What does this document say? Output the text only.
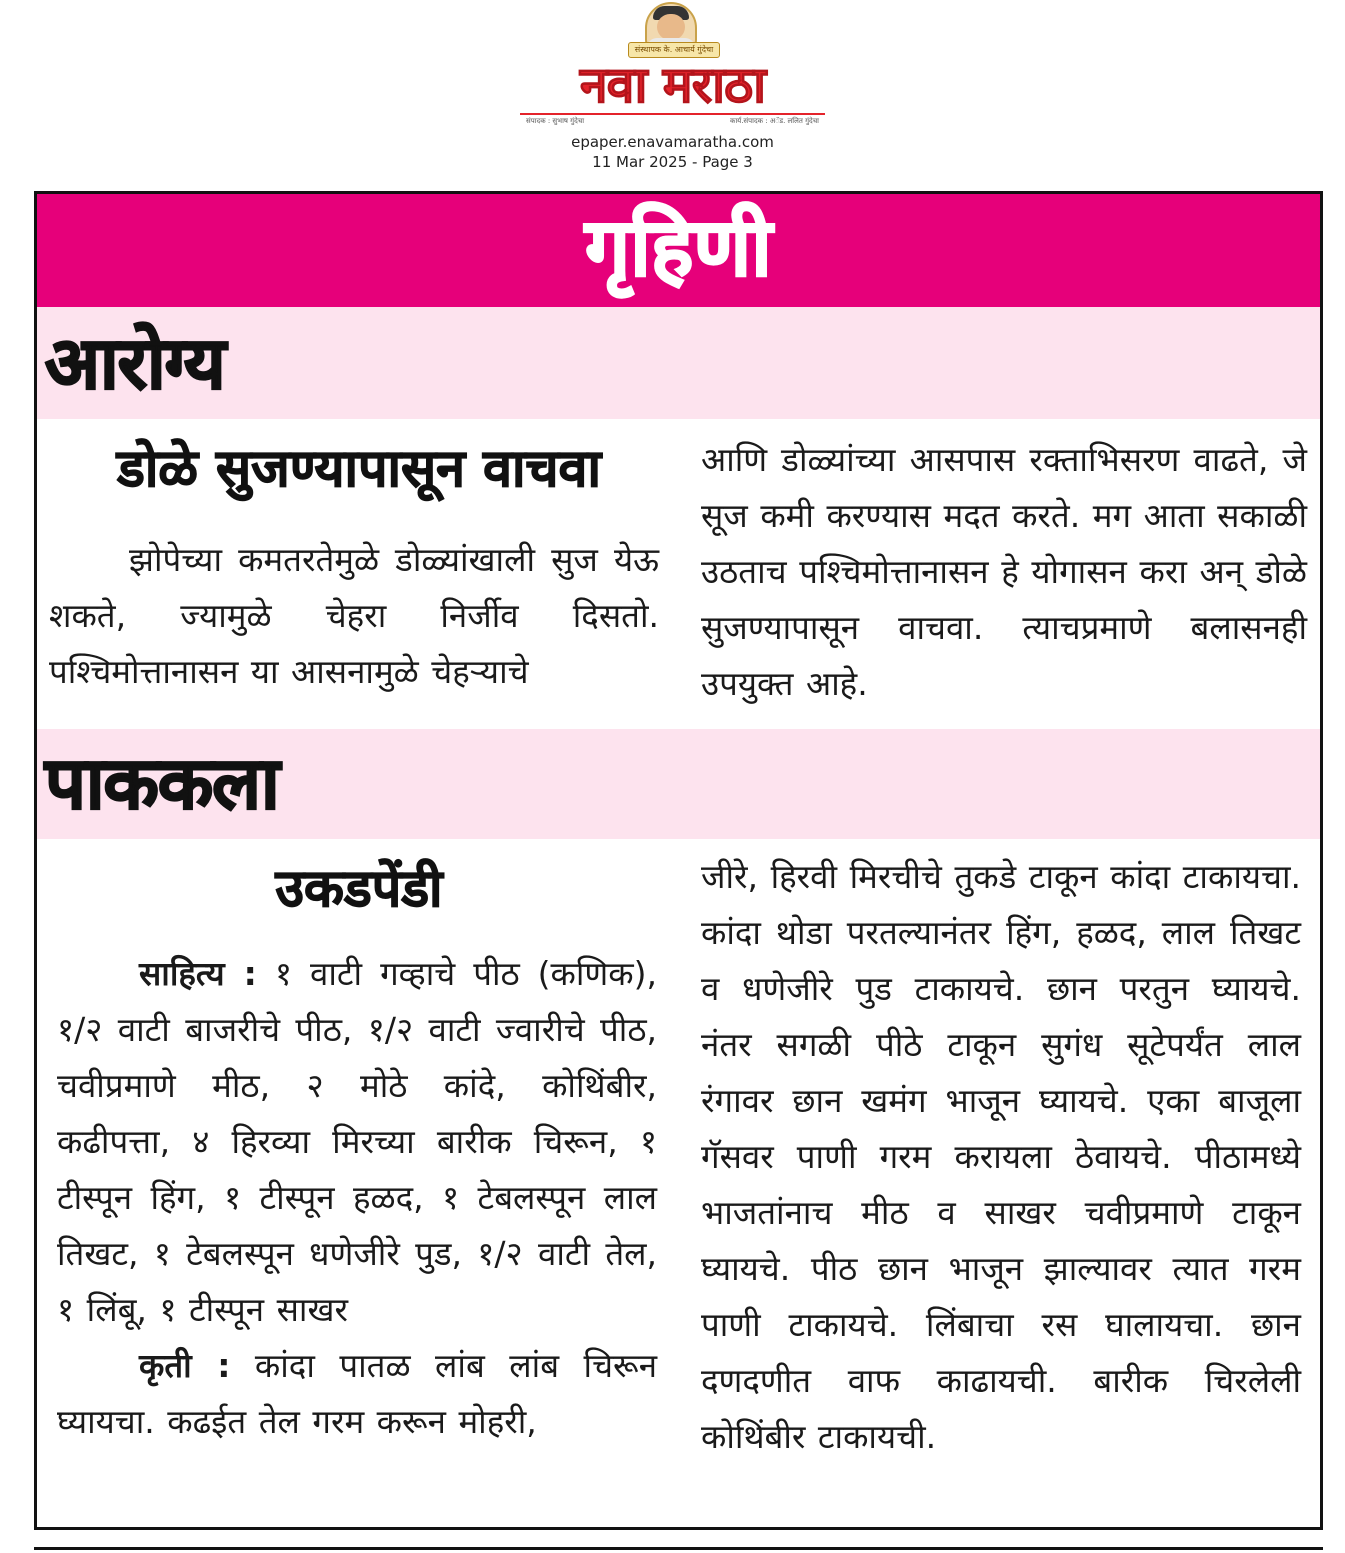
संस्थापक के. आचार्य गुंदेचा
नवा मराठा
संपादक : सुभाष गुंदेचा	कार्य.संपादक : अॅड. ललित गुंदेचा
epaper.enavamaratha.com
11 Mar 2025 - Page 3
गृहिणी
आरोग्य
डोळे सुजण्यापासून वाचवा
झोपेच्या कमतरतेमुळे डोळ्यांखाली सुज येऊ शकते, ज्यामुळे चेहरा निर्जीव दिसतो. पश्चिमोत्तानासन या आसनामुळे चेहऱ्याचे
आणि डोळ्यांच्या आसपास रक्ताभिसरण वाढते, जे सूज कमी करण्यास मदत करते. मग आता सकाळी उठताच पश्चिमोत्तानासन हे योगासन करा अन् डोळे सुजण्यापासून वाचवा. त्याचप्रमाणे बलासनही उपयुक्त आहे.
पाककला
उकडपेंडी

साहित्य : १ वाटी गव्हाचे पीठ (कणिक), १/२ वाटी बाजरीचे पीठ, १/२ वाटी ज्वारीचे पीठ, चवीप्रमाणे मीठ, २ मोठे कांदे, कोथिंबीर, कढीपत्ता, ४ हिरव्या मिरच्या बारीक चिरून, १ टीस्पून हिंग, १ टीस्पून हळद, १ टेबलस्पून लाल तिखट, १ टेबलस्पून धणेजीरे पुड, १/२ वाटी तेल, १ लिंबू, १ टीस्पून साखर

कृती : कांदा पातळ लांब लांब चिरून घ्यायचा. कढईत तेल गरम करून मोहरी,

जीरे, हिरवी मिरचीचे तुकडे टाकून कांदा टाकायचा. कांदा थोडा परतल्यानंतर हिंग, हळद, लाल तिखट व धणेजीरे पुड टाकायचे. छान परतुन घ्यायचे. नंतर सगळी पीठे टाकून सुगंध सूटेपर्यंत लाल रंगावर छान खमंग भाजून घ्यायचे. एका बाजूला गॅसवर पाणी गरम करायला ठेवायचे. पीठामध्ये भाजतांनाच मीठ व साखर चवीप्रमाणे टाकून घ्यायचे. पीठ छान भाजून झाल्यावर त्यात गरम पाणी टाकायचे. लिंबाचा रस घालायचा. छान दणदणीत वाफ काढायची. बारीक चिरलेली कोथिंबीर टाकायची.
